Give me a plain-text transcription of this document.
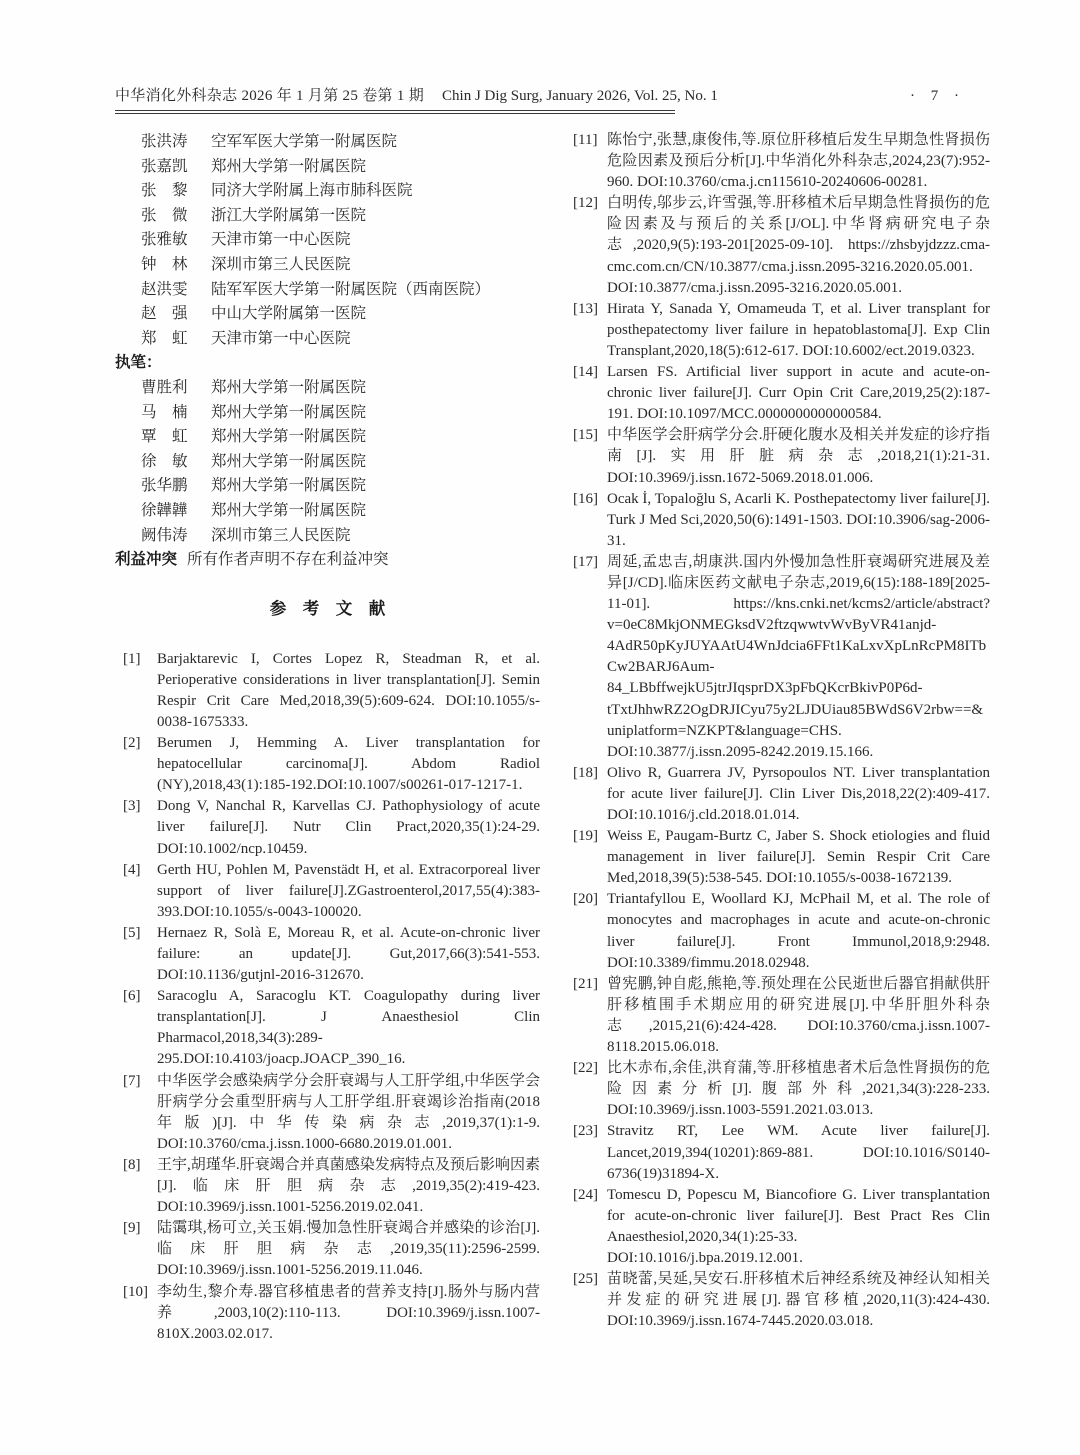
中华消化外科杂志 2026 年 1 月第 25 卷第 1 期 Chin J Dig Surg, January 2026, Vol. 25, No. 1	· 7 ·
张洪涛	空军军医大学第一附属医院
张嘉凯	郑州大学第一附属医院
张　黎	同济大学附属上海市肺科医院
张　微	浙江大学附属第一医院
张雅敏	天津市第一中心医院
钟　林	深圳市第三人民医院
赵洪雯	陆军军医大学第一附属医院（西南医院）
赵　强	中山大学附属第一医院
郑　虹	天津市第一中心医院
执笔：
曹胜利	郑州大学第一附属医院
马　楠	郑州大学第一附属医院
覃　虹	郑州大学第一附属医院
徐　敏	郑州大学第一附属医院
张华鹏	郑州大学第一附属医院
徐韡韡	郑州大学第一附属医院
阙伟涛	深圳市第三人民医院
利益冲突 所有作者声明不存在利益冲突
参　考　文　献
[1]	Barjaktarevic I, Cortes Lopez R, Steadman R, et al. Perioperative considerations in liver transplantation[J]. Semin Respir Crit Care Med,2018,39(5):609-624. DOI:10.1055/s-0038-1675333.
[2]	Berumen J, Hemming A. Liver transplantation for hepatocellular carcinoma[J]. Abdom Radiol (NY),2018,43(1):185-192.DOI:10.1007/s00261-017-1217-1.
[3]	Dong V, Nanchal R, Karvellas CJ. Pathophysiology of acute liver failure[J]. Nutr Clin Pract,2020,35(1):24-29. DOI:10.1002/ncp.10459.
[4]	Gerth HU, Pohlen M, Pavenstädt H, et al. Extracorporeal liver support of liver failure[J].ZGastroenterol,2017,55(4):383-393.DOI:10.1055/s-0043-100020.
[5]	Hernaez R, Solà E, Moreau R, et al. Acute-on-chronic liver failure: an update[J]. Gut,2017,66(3):541-553. DOI:10.1136/gutjnl-2016-312670.
[6]	Saracoglu A, Saracoglu KT. Coagulopathy during liver transplantation[J]. J Anaesthesiol Clin Pharmacol,2018,34(3):289-295.DOI:10.4103/joacp.JOACP_390_16.
[7]	中华医学会感染病学分会肝衰竭与人工肝学组,中华医学会肝病学分会重型肝病与人工肝学组.肝衰竭诊治指南(2018年版)[J].中华传染病杂志,2019,37(1):1-9. DOI:10.3760/cma.j.issn.1000-6680.2019.01.001.
[8]	王宇,胡瑾华.肝衰竭合并真菌感染发病特点及预后影响因素[J].临床肝胆病杂志,2019,35(2):419-423. DOI:10.3969/j.issn.1001-5256.2019.02.041.
[9]	陆霭琪,杨可立,关玉娟.慢加急性肝衰竭合并感染的诊治[J].临床肝胆病杂志,2019,35(11):2596-2599. DOI:10.3969/j.issn.1001-5256.2019.11.046.
[10] 李幼生,黎介寿.器官移植患者的营养支持[J].肠外与肠内营养,2003,10(2):110-113. DOI:10.3969/j.issn.1007-810X.2003.02.017.
[11] 陈怡宁,张慧,康俊伟,等.原位肝移植后发生早期急性肾损伤危险因素及预后分析[J].中华消化外科杂志,2024,23(7):952-960. DOI:10.3760/cma.j.cn115610-20240606-00281.
[12] 白明传,邬步云,许雪强,等.肝移植术后早期急性肾损伤的危险因素及与预后的关系[J/OL].中华肾病研究电子杂志,2020,9(5):193-201[2025-09-10]. https://zhsbyjdzzz.cma-cmc.com.cn/CN/10.3877/cma.j.issn.2095-3216.2020.05.001. DOI:10.3877/cma.j.issn.2095-3216.2020.05.001.
[13] Hirata Y, Sanada Y, Omameuda T, et al. Liver transplant for posthepatectomy liver failure in hepatoblastoma[J]. Exp Clin Transplant,2020,18(5):612-617. DOI:10.6002/ect.2019.0323.
[14] Larsen FS. Artificial liver support in acute and acute-on-chronic liver failure[J]. Curr Opin Crit Care,2019,25(2):187-191. DOI:10.1097/MCC.0000000000000584.
[15] 中华医学会肝病学分会.肝硬化腹水及相关并发症的诊疗指南[J].实用肝脏病杂志,2018,21(1):21-31. DOI:10.3969/j.issn.1672-5069.2018.01.006.
[16] Ocak İ, Topaloğlu S, Acarli K. Posthepatectomy liver failure[J]. Turk J Med Sci,2020,50(6):1491-1503. DOI:10.3906/sag-2006-31.
[17] 周延,孟忠吉,胡康洪.国内外慢加急性肝衰竭研究进展及差异[J/CD].临床医药文献电子杂志,2019,6(15):188-189[2025-11-01]. https://kns.cnki.net/kcms2/article/abstract?v=0eC8MkjONMEGksdV2ftzqwwtvWvByVR41anjd-4AdR50pKyJUYAAtU4WnJdcia6FFt1KaLxvXpLnRcPM8ITbCw2BARJ6Aum-84_LBbffwejkU5jtrJIqsprDX3pFbQKcrBkivP0P6d-tTxtJhhwRZ2OgDRJICyu75y2LJDUiau85BWdS6V2rbw==&uniplatform=NZKPT&language=CHS. DOI:10.3877/j.issn.2095-8242.2019.15.166.
[18] Olivo R, Guarrera JV, Pyrsopoulos NT. Liver transplantation for acute liver failure[J]. Clin Liver Dis,2018,22(2):409-417. DOI:10.1016/j.cld.2018.01.014.
[19] Weiss E, Paugam-Burtz C, Jaber S. Shock etiologies and fluid management in liver failure[J]. Semin Respir Crit Care Med,2018,39(5):538-545. DOI:10.1055/s-0038-1672139.
[20] Triantafyllou E, Woollard KJ, McPhail M, et al. The role of monocytes and macrophages in acute and acute-on-chronic liver failure[J]. Front Immunol,2018,9:2948. DOI:10.3389/fimmu.2018.02948.
[21] 曾宪鹏,钟自彪,熊艳,等.预处理在公民逝世后器官捐献供肝肝移植围手术期应用的研究进展[J].中华肝胆外科杂志,2015,21(6):424-428. DOI:10.3760/cma.j.issn.1007-8118.2015.06.018.
[22] 比木赤布,余佳,洪育蒲,等.肝移植患者术后急性肾损伤的危险因素分析[J].腹部外科,2021,34(3):228-233. DOI:10.3969/j.issn.1003-5591.2021.03.013.
[23] Stravitz RT, Lee WM. Acute liver failure[J]. Lancet,2019,394(10201):869-881. DOI:10.1016/S0140-6736(19)31894-X.
[24] Tomescu D, Popescu M, Biancofiore G. Liver transplantation for acute-on-chronic liver failure[J]. Best Pract Res Clin Anaesthesiol,2020,34(1):25-33. DOI:10.1016/j.bpa.2019.12.001.
[25] 苗晓蕾,吴延,吴安石.肝移植术后神经系统及神经认知相关并发症的研究进展[J].器官移植,2020,11(3):424-430. DOI:10.3969/j.issn.1674-7445.2020.03.018.
